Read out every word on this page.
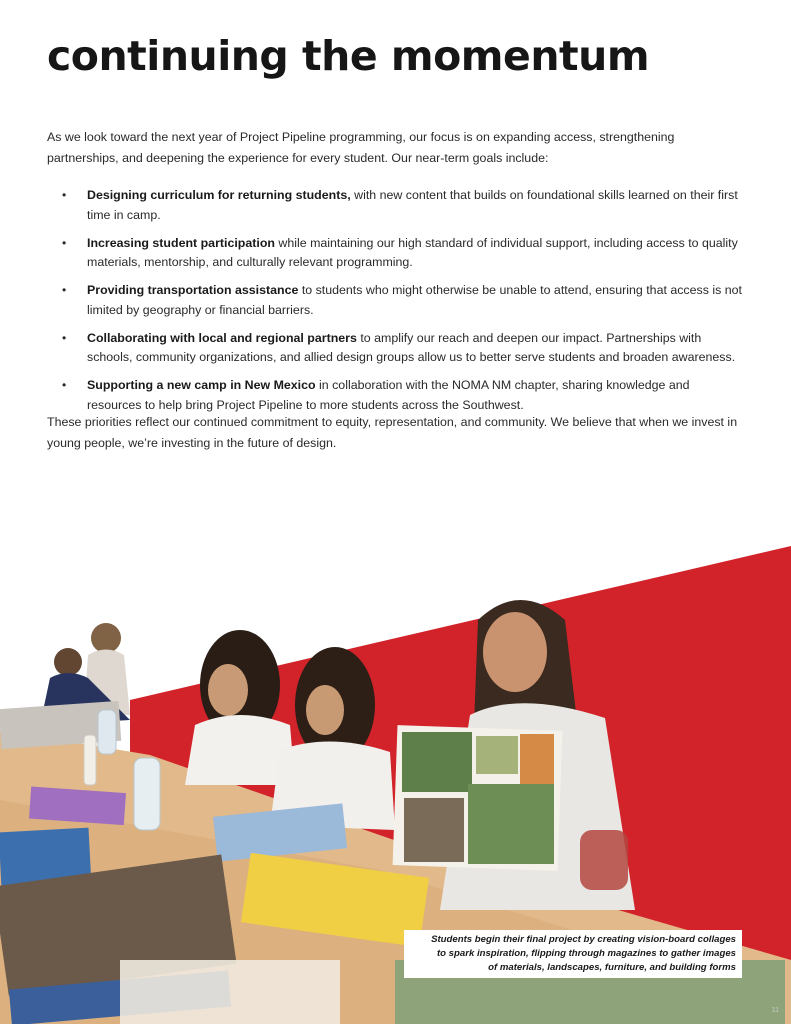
continuing the momentum

As we look toward the next year of Project Pipeline programming, our focus is on expanding access, strengthening partnerships, and deepening the experience for every student. Our near-term goals include:

• Designing curriculum for returning students, with new content that builds on foundational skills learned on their first time in camp.
• Increasing student participation while maintaining our high standard of individual support, including access to quality materials, mentorship, and culturally relevant programming.
• Providing transportation assistance to students who might otherwise be unable to attend, ensuring that access is not limited by geography or financial barriers.
• Collaborating with local and regional partners to amplify our reach and deepen our impact. Partnerships with schools, community organizations, and allied design groups allow us to better serve students and broaden awareness.
• Supporting a new camp in New Mexico in collaboration with the NOMA NM chapter, sharing knowledge and resources to help bring Project Pipeline to more students across the Southwest.

These priorities reflect our continued commitment to equity, representation, and community. We believe that when we invest in young people, we’re investing in the future of design.

Students begin their final project by creating vision-board collages
to spark inspiration, flipping through magazines to gather images
of materials, landscapes, furniture, and building forms
11
